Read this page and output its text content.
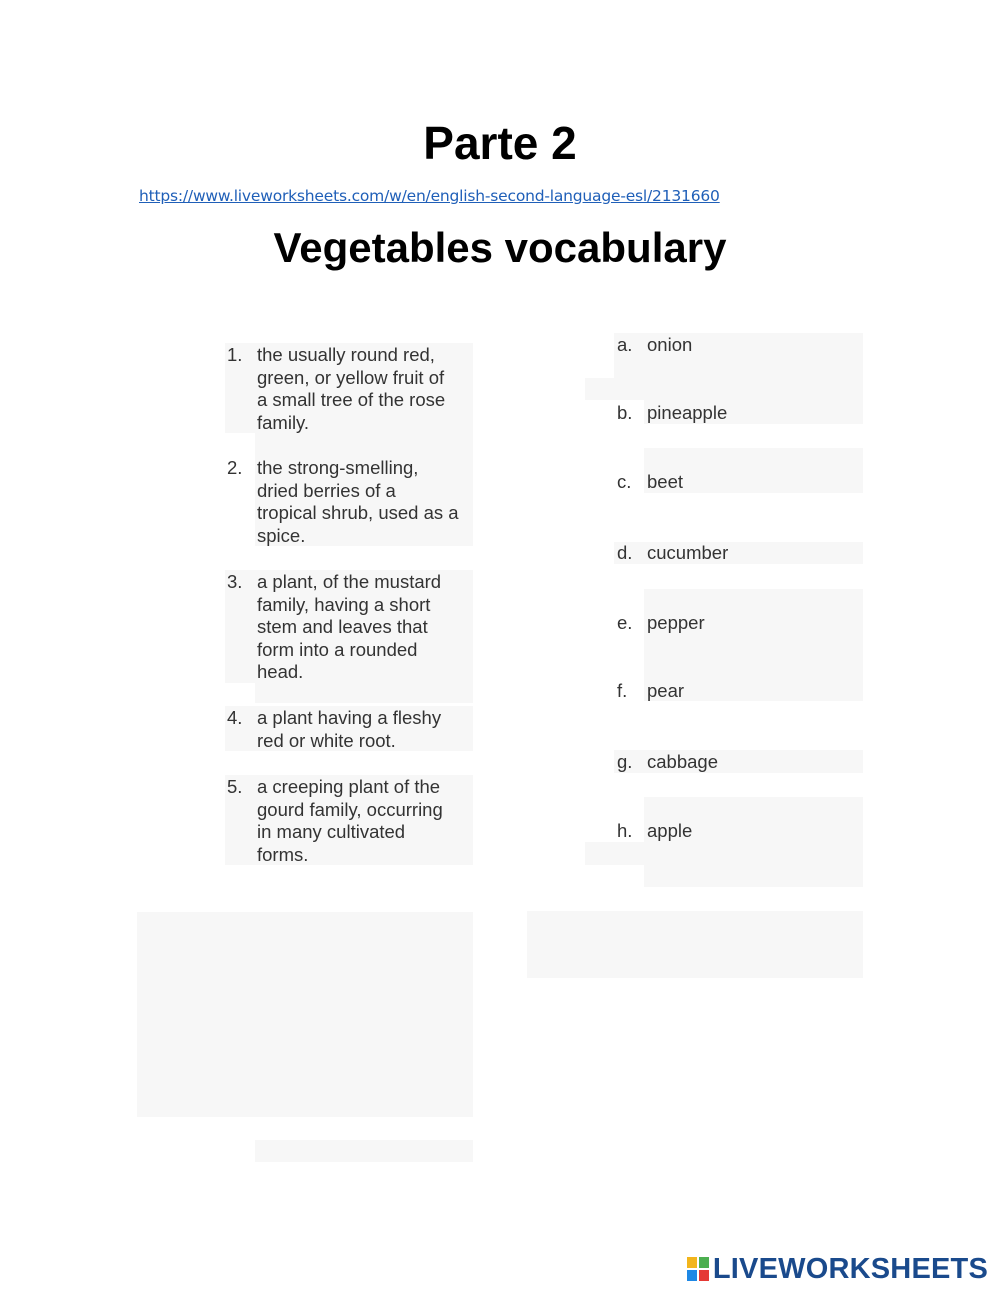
Parte 2
https://www.liveworksheets.com/w/en/english-second-language-esl/2131660
Vegetables vocabulary
1. the usually round red,
green, or yellow fruit of
a small tree of the rose
family.
2. the strong-smelling,
dried berries of a
tropical shrub, used as a
spice.
3. a plant, of the mustard
family, having a short
stem and leaves that
form into a rounded
head.
4. a plant having a fleshy
red or white root.
5. a creeping plant of the
gourd family, occurring
in many cultivated
forms.
a. onion
b. pineapple
c. beet
d. cucumber
e. pepper
f.	pear
g. cabbage
h. apple
LIVEWORKSHEETS
